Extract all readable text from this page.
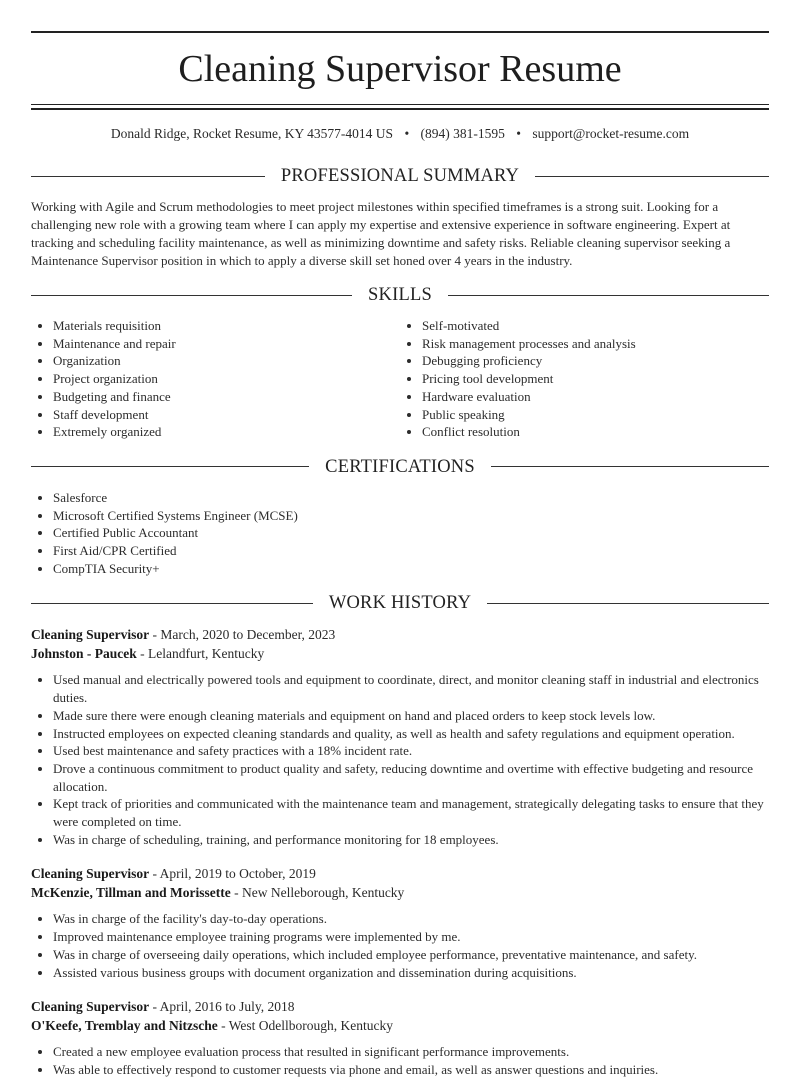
Cleaning Supervisor Resume
Donald Ridge, Rocket Resume, KY 43577-4014 US • (894) 381-1595 • support@rocket-resume.com
PROFESSIONAL SUMMARY

Working with Agile and Scrum methodologies to meet project milestones within specified timeframes is a strong suit. Looking for a challenging new role with a growing team where I can apply my expertise and extensive experience in software engineering. Expert at tracking and scheduling facility maintenance, as well as minimizing downtime and safety risks. Reliable cleaning supervisor seeking a Maintenance Supervisor position in which to apply a diverse skill set honed over 4 years in the industry.

SKILLS
• Materials requisition
• Maintenance and repair
• Organization
• Project organization
• Budgeting and finance
• Staff development
• Extremely organized
• Self-motivated
• Risk management processes and analysis
• Debugging proficiency
• Pricing tool development
• Hardware evaluation
• Public speaking
• Conflict resolution
CERTIFICATIONS
• Salesforce
• Microsoft Certified Systems Engineer (MCSE)
• Certified Public Accountant
• First Aid/CPR Certified
• CompTIA Security+
WORK HISTORY
Cleaning Supervisor - March, 2020 to December, 2023
Johnston - Paucek - Lelandfurt, Kentucky
• Used manual and electrically powered tools and equipment to coordinate, direct, and monitor cleaning staff in industrial and electronics duties.
• Made sure there were enough cleaning materials and equipment on hand and placed orders to keep stock levels low.
• Instructed employees on expected cleaning standards and quality, as well as health and safety regulations and equipment operation.
• Used best maintenance and safety practices with a 18% incident rate.
• Drove a continuous commitment to product quality and safety, reducing downtime and overtime with effective budgeting and resource allocation.
• Kept track of priorities and communicated with the maintenance team and management, strategically delegating tasks to ensure that they were completed on time.
• Was in charge of scheduling, training, and performance monitoring for 18 employees.
Cleaning Supervisor - April, 2019 to October, 2019
McKenzie, Tillman and Morissette - New Nelleborough, Kentucky
• Was in charge of the facility's day-to-day operations.
• Improved maintenance employee training programs were implemented by me.
• Was in charge of overseeing daily operations, which included employee performance, preventative maintenance, and safety.
• Assisted various business groups with document organization and dissemination during acquisitions.
Cleaning Supervisor - April, 2016 to July, 2018
O'Keefe, Tremblay and Nitzsche - West Odellborough, Kentucky
• Created a new employee evaluation process that resulted in significant performance improvements.
• Was able to effectively respond to customer requests via phone and email, as well as answer questions and inquiries.
